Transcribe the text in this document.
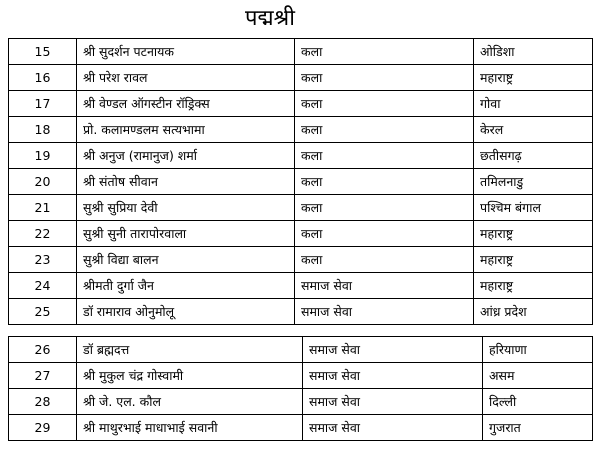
पद्मश्री
15	श्री सुदर्शन पटनायक	कला	ओडिशा
16	श्री परेश रावल	कला	महाराष्ट्र
17	श्री वेण्डल ऑगस्टीन रॉड्रिक्स	कला	गोवा
18	प्रो. कलामण्डलम सत्यभामा	कला	केरल
19	श्री अनुज (रामानुज) शर्मा	कला	छतीसगढ़
20	श्री संतोष सीवान	कला	तमिलनाडु
21	सुश्री सुप्रिया देवी	कला	पश्चिम बंगाल
22	सुश्री सुनी तारापोरवाला	कला	महाराष्ट्र
23	सुश्री विद्या बालन	कला	महाराष्ट्र
24	श्रीमती दुर्गा जैन	समाज सेवा	महाराष्ट्र
25	डॉ रामाराव ओनुमोलू	समाज सेवा	आंध्र प्रदेश
26	डॉ ब्रह्मदत्त	समाज सेवा	हरियाणा
27	श्री मुकुल चंद्र गोस्वामी	समाज सेवा	असम
28	श्री जे. एल. कौल	समाज सेवा	दिल्ली
29	श्री माथुरभाई माधाभाई सवानी	समाज सेवा	गुजरात
